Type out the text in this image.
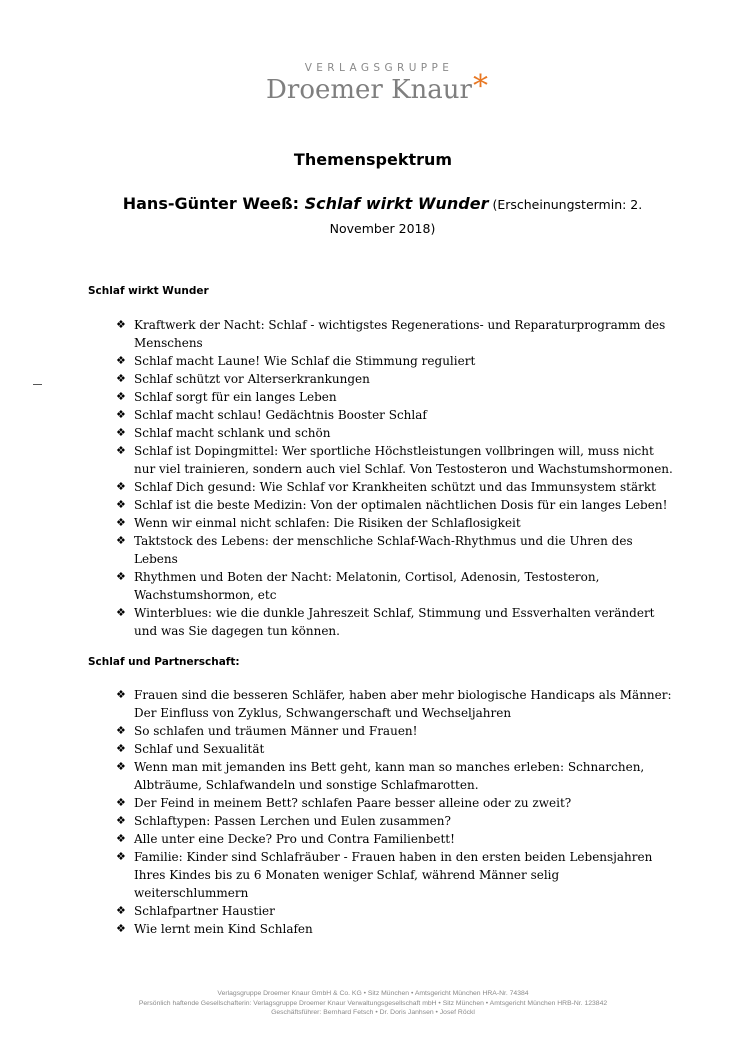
VERLAGSGRUPPE
Droemer Knaur*
Themenspektrum
Hans-Günter Weeß: Schlaf wirkt Wunder (Erscheinungstermin: 2. November 2018)
Schlaf wirkt Wunder
❖ Kraftwerk der Nacht: Schlaf - wichtigstes Regenerations- und Reparaturprogramm des Menschens
❖ Schlaf macht Laune! Wie Schlaf die Stimmung reguliert
❖ Schlaf schützt vor Alterserkrankungen
❖ Schlaf sorgt für ein langes Leben
❖ Schlaf macht schlau! Gedächtnis Booster Schlaf
❖ Schlaf macht schlank und schön
❖ Schlaf ist Dopingmittel: Wer sportliche Höchstleistungen vollbringen will, muss nicht nur viel trainieren, sondern auch viel Schlaf. Von Testosteron und Wachstumshormonen.
❖ Schlaf Dich gesund: Wie Schlaf vor Krankheiten schützt und das Immunsystem stärkt
❖ Schlaf ist die beste Medizin: Von der optimalen nächtlichen Dosis für ein langes Leben!
❖ Wenn wir einmal nicht schlafen: Die Risiken der Schlaflosigkeit
❖ Taktstock des Lebens: der menschliche Schlaf-Wach-Rhythmus und die Uhren des Lebens
❖ Rhythmen und Boten der Nacht: Melatonin, Cortisol, Adenosin, Testosteron, Wachstumshormon, etc
❖ Winterblues: wie die dunkle Jahreszeit Schlaf, Stimmung und Essverhalten verändert und was Sie dagegen tun können.
Schlaf und Partnerschaft:
❖ Frauen sind die besseren Schläfer, haben aber mehr biologische Handicaps als Männer: Der Einfluss von Zyklus, Schwangerschaft und Wechseljahren
❖ So schlafen und träumen Männer und Frauen!
❖ Schlaf und Sexualität
❖ Wenn man mit jemanden ins Bett geht, kann man so manches erleben: Schnarchen, Albträume, Schlafwandeln und sonstige Schlafmarotten.
❖ Der Feind in meinem Bett? schlafen Paare besser alleine oder zu zweit?
❖ Schlaftypen: Passen Lerchen und Eulen zusammen?
❖ Alle unter eine Decke? Pro und Contra Familienbett!
❖ Familie: Kinder sind Schlafräuber - Frauen haben in den ersten beiden Lebensjahren Ihres Kindes bis zu 6 Monaten weniger Schlaf, während Männer selig weiterschlummern
❖ Schlafpartner Haustier
❖ Wie lernt mein Kind Schlafen
Verlagsgruppe Droemer Knaur GmbH & Co. KG • Sitz München • Amtsgericht München HRA-Nr. 74384
Persönlich haftende Gesellschafterin: Verlagsgruppe Droemer Knaur Verwaltungsgesellschaft mbH • Sitz München • Amtsgericht München HRB-Nr. 123842
Geschäftsführer: Bernhard Fetsch • Dr. Doris Janhsen • Josef Röckl
